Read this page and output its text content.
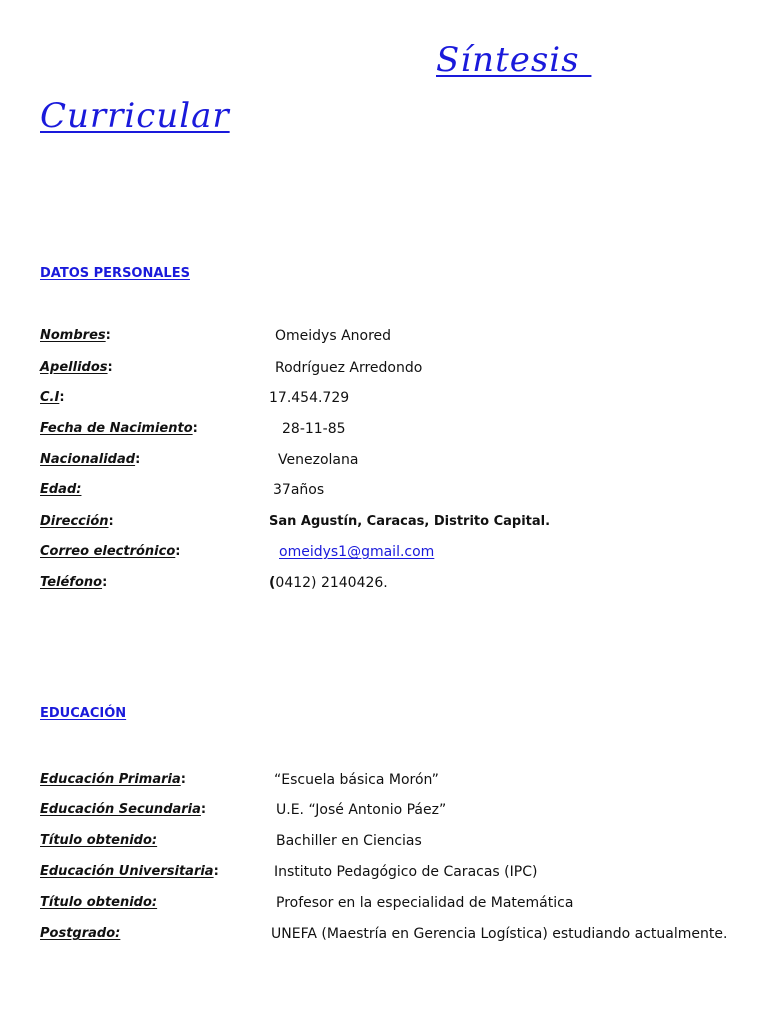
Síntesis
Curricular
DATOS PERSONALES
Nombres:	Omeidys Anored
Apellidos:	Rodríguez Arredondo
C.I:	17.454.729
Fecha de Nacimiento:	28-11-85
Nacionalidad:	Venezolana
Edad:	37años
Dirección:	San Agustín, Caracas, Distrito Capital.
Correo electrónico:	omeidys1@gmail.com
Teléfono:	(0412) 2140426.
EDUCACIÓN
Educación Primaria:	“Escuela básica Morón”
Educación Secundaria:	U.E. “José Antonio Páez”
Título obtenido:	Bachiller en Ciencias
Educación Universitaria:	Instituto Pedagógico de Caracas (IPC)
Título obtenido:	Profesor en la especialidad de Matemática
Postgrado:	UNEFA (Maestría en Gerencia Logística) estudiando actualmente.
